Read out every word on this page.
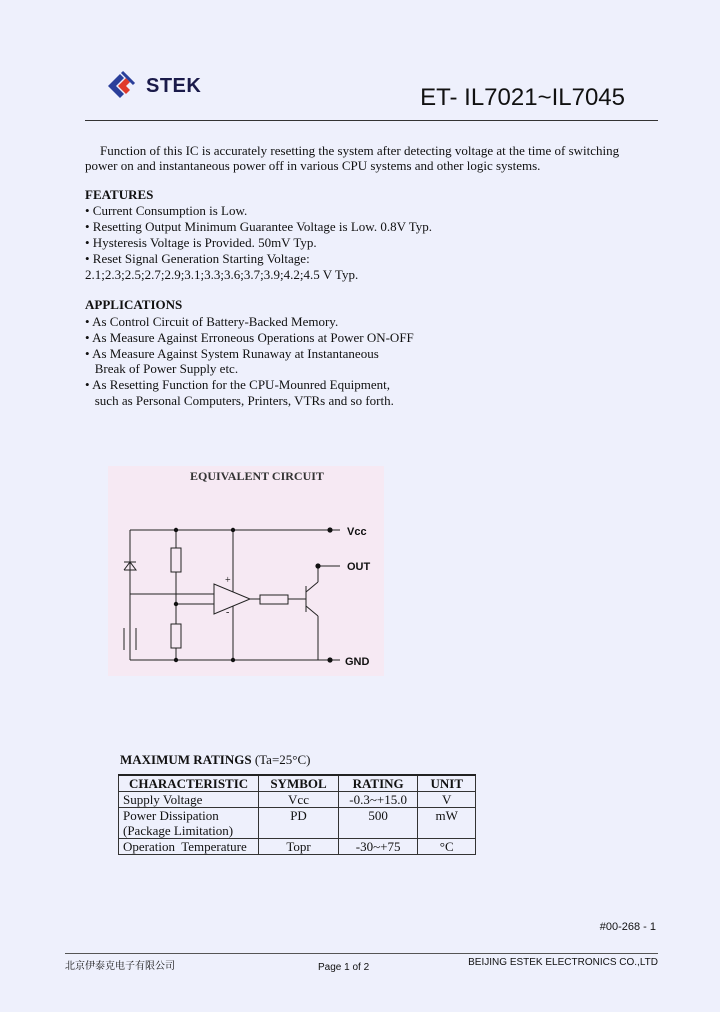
STEK	ET- IL7021~IL7045
Function of this IC is accurately resetting the system after detecting voltage at the time of switching
power on and instantaneous power off in various CPU systems and other logic systems.
FEATURES
• Current Consumption is Low.
• Resetting Output Minimum Guarantee Voltage is Low. 0.8V Typ.
• Hysteresis Voltage is Provided. 50mV Typ.
• Reset Signal Generation Starting Voltage:
2.1;2.3;2.5;2.7;2.9;3.1;3.3;3.6;3.7;3.9;4.2;4.5 V Typ.
APPLICATIONS
• As Control Circuit of Battery-Backed Memory.
• As Measure Against Erroneous Operations at Power ON-OFF
• As Measure Against System Runaway at Instantaneous
Break of Power Supply etc.
• As Resetting Function for the CPU-Mounred Equipment,
such as Personal Computers, Printers, VTRs and so forth.
EQUIVALENT CIRCUIT
Vcc
OUT
GND
+
-
MAXIMUM RATINGS (Ta=25°C)
CHARACTERISTIC	SYMBOL	RATING	UNIT
Supply Voltage	Vcc	-0.3~+15.0	V

Power Dissipation
(Package Limitation)	PD	500	mW
Operation  Temperature	Topr	-30~+75	°C
#00-268 - 1
北京伊泰克电子有限公司	Page 1 of 2	BEIJING ESTEK ELECTRONICS CO.,LTD
